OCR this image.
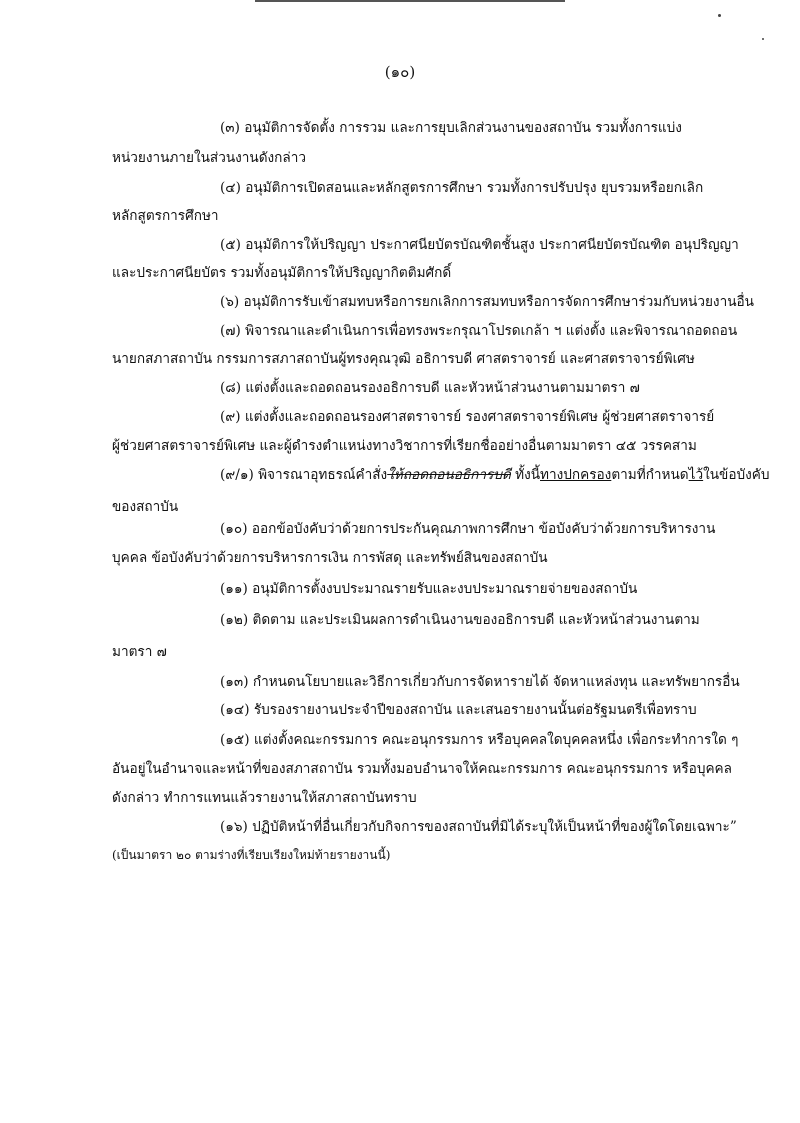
(๑๐)
(๓) อนุมัติการจัดตั้ง การรวม และการยุบเลิกส่วนงานของสถาบัน รวมทั้งการแบ่ง
หน่วยงานภายในส่วนงานดังกล่าว
(๔) อนุมัติการเปิดสอนและหลักสูตรการศึกษา รวมทั้งการปรับปรุง ยุบรวมหรือยกเลิก
หลักสูตรการศึกษา
(๕) อนุมัติการให้ปริญญา ประกาศนียบัตรบัณฑิตชั้นสูง ประกาศนียบัตรบัณฑิต อนุปริญญา
และประกาศนียบัตร รวมทั้งอนุมัติการให้ปริญญากิตติมศักดิ์
(๖) อนุมัติการรับเข้าสมทบหรือการยกเลิกการสมทบหรือการจัดการศึกษาร่วมกับหน่วยงานอื่น
(๗) พิจารณาและดำเนินการเพื่อทรงพระกรุณาโปรดเกล้า ฯ แต่งตั้ง และพิจารณาถอดถอน
นายกสภาสถาบัน กรรมการสภาสถาบันผู้ทรงคุณวุฒิ อธิการบดี ศาสตราจารย์ และศาสตราจารย์พิเศษ
(๘) แต่งตั้งและถอดถอนรองอธิการบดี และหัวหน้าส่วนงานตามมาตรา ๗
(๙) แต่งตั้งและถอดถอนรองศาสตราจารย์ รองศาสตราจารย์พิเศษ ผู้ช่วยศาสตราจารย์
ผู้ช่วยศาสตราจารย์พิเศษ และผู้ดำรงตำแหน่งทางวิชาการที่เรียกชื่ออย่างอื่นตามมาตรา ๔๕ วรรคสาม
(๙/๑) พิจารณาอุทธรณ์คำสั่งให้ถอดถอนอธิการบดี ทั้งนี้ทางปกครองตามที่กำหนดไว้ในข้อบังคับ
ของสถาบัน
(๑๐) ออกข้อบังคับว่าด้วยการประกันคุณภาพการศึกษา ข้อบังคับว่าด้วยการบริหารงาน
บุคคล ข้อบังคับว่าด้วยการบริหารการเงิน การพัสดุ และทรัพย์สินของสถาบัน
(๑๑) อนุมัติการตั้งงบประมาณรายรับและงบประมาณรายจ่ายของสถาบัน
(๑๒) ติดตาม และประเมินผลการดำเนินงานของอธิการบดี และหัวหน้าส่วนงานตาม
มาตรา ๗
(๑๓) กำหนดนโยบายและวิธีการเกี่ยวกับการจัดหารายได้ จัดหาแหล่งทุน และทรัพยากรอื่น
(๑๔) รับรองรายงานประจำปีของสถาบัน และเสนอรายงานนั้นต่อรัฐมนตรีเพื่อทราบ
(๑๕) แต่งตั้งคณะกรรมการ คณะอนุกรรมการ หรือบุคคลใดบุคคลหนึ่ง เพื่อกระทำการใด ๆ
อันอยู่ในอำนาจและหน้าที่ของสภาสถาบัน รวมทั้งมอบอำนาจให้คณะกรรมการ คณะอนุกรรมการ หรือบุคคล
ดังกล่าว ทำการแทนแล้วรายงานให้สภาสถาบันทราบ
(๑๖) ปฏิบัติหน้าที่อื่นเกี่ยวกับกิจการของสถาบันที่มิได้ระบุให้เป็นหน้าที่ของผู้ใดโดยเฉพาะ”
(เป็นมาตรา ๒๐ ตามร่างที่เรียบเรียงใหม่ท้ายรายงานนี้)
